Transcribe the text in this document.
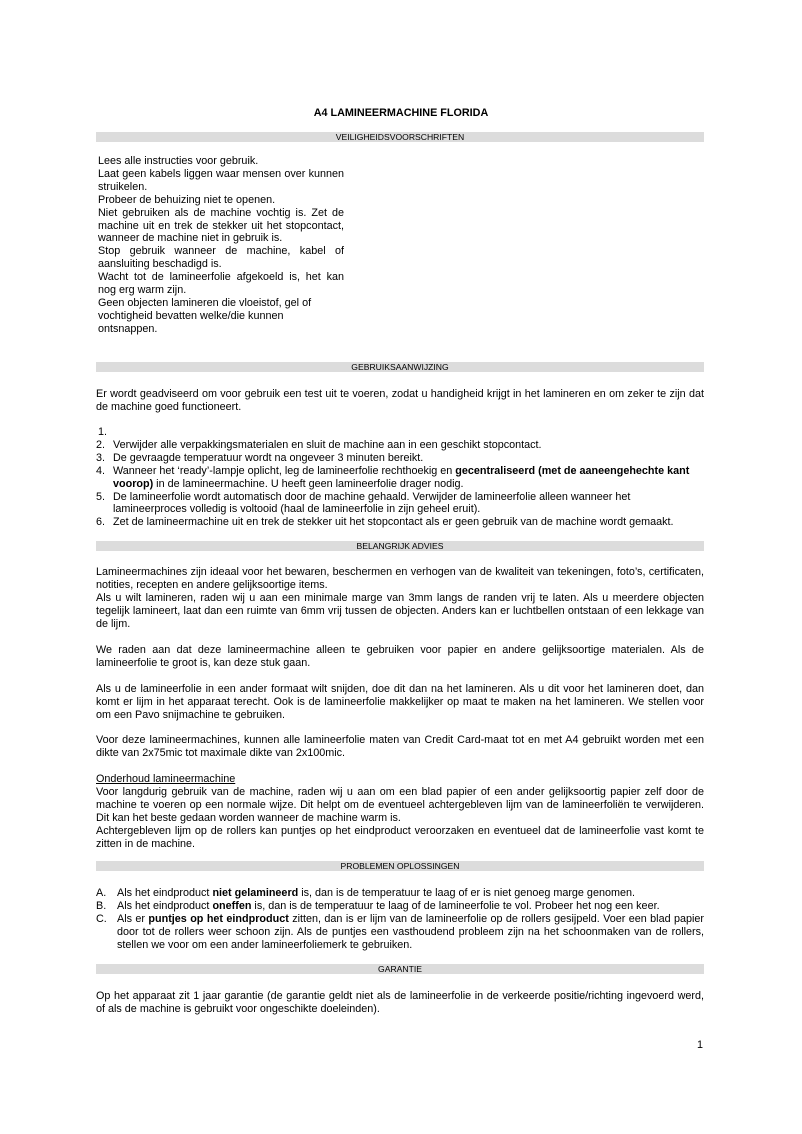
A4 LAMINEERMACHINE FLORIDA
VEILIGHEIDSVOORSCHRIFTEN

Lees alle instructies voor gebruik.

Laat geen kabels liggen waar mensen over kunnen struikelen.

Probeer de behuizing niet te openen.

Niet gebruiken als de machine vochtig is. Zet de machine uit en trek de stekker uit het stopcontact, wanneer de machine niet in gebruik is.

Stop gebruik wanneer de machine, kabel of aansluiting beschadigd is.

Wacht tot de lamineerfolie afgekoeld is, het kan nog erg warm zijn.

Geen objecten lamineren die vloeistof, gel of vochtigheid bevatten welke/die kunnen ontsnappen.

GEBRUIKSAANWIJZING

Er wordt geadviseerd om voor gebruik een test uit te voeren, zodat u handigheid krijgt in het lamineren en om zeker te zijn dat de machine goed functioneert.

1.
2. Verwijder alle verpakkingsmaterialen en sluit de machine aan in een geschikt stopcontact.
3. De gevraagde temperatuur wordt na ongeveer 3 minuten bereikt.
4. Wanneer het ‘ready’-lampje oplicht, leg de lamineerfolie rechthoekig en gecentraliseerd (met de aaneengehechte kant voorop) in de lamineermachine. U heeft geen lamineerfolie drager nodig.
5. De lamineerfolie wordt automatisch door de machine gehaald. Verwijder de lamineerfolie alleen wanneer het lamineerproces volledig is voltooid (haal de lamineerfolie in zijn geheel eruit).
6. Zet de lamineermachine uit en trek de stekker uit het stopcontact als er geen gebruik van de machine wordt gemaakt.
BELANGRIJK ADVIES

Lamineermachines zijn ideaal voor het bewaren, beschermen en verhogen van de kwaliteit van tekeningen, foto’s, certificaten, notities, recepten en andere gelijksoortige items.

Als u wilt lamineren, raden wij u aan een minimale marge van 3mm langs de randen vrij te laten. Als u meerdere objecten tegelijk lamineert, laat dan een ruimte van 6mm vrij tussen de objecten. Anders kan er luchtbellen ontstaan of een lekkage van de lijm.

We raden aan dat deze lamineermachine alleen te gebruiken voor papier en andere gelijksoortige materialen. Als de lamineerfolie te groot is, kan deze stuk gaan.

Als u de lamineerfolie in een ander formaat wilt snijden, doe dit dan na het lamineren. Als u dit voor het lamineren doet, dan komt er lijm in het apparaat terecht. Ook is de lamineerfolie makkelijker op maat te maken na het lamineren. We stellen voor om een Pavo snijmachine te gebruiken.

Voor deze lamineermachines, kunnen alle lamineerfolie maten van Credit Card-maat tot en met A4 gebruikt worden met een dikte van 2x75mic tot maximale dikte van 2x100mic.

Onderhoud lamineermachine

Voor langdurig gebruik van de machine, raden wij u aan om een blad papier of een ander gelijksoortig papier zelf door de machine te voeren op een normale wijze. Dit helpt om de eventueel achtergebleven lijm van de lamineerfoliën te verwijderen. Dit kan het beste gedaan worden wanneer de machine warm is.

Achtergebleven lijm op de rollers kan puntjes op het eindproduct veroorzaken en eventueel dat de lamineerfolie vast komt te zitten in de machine.

PROBLEMEN OPLOSSINGEN
A. Als het eindproduct niet gelamineerd is, dan is de temperatuur te laag of er is niet genoeg marge genomen.
B. Als het eindproduct oneffen is, dan is de temperatuur te laag of de lamineerfolie te vol. Probeer het nog een keer.
C. Als er puntjes op het eindproduct zitten, dan is er lijm van de lamineerfolie op de rollers gesijpeld. Voer een blad papier door tot de rollers weer schoon zijn. Als de puntjes een vasthoudend probleem zijn na het schoonmaken van de rollers, stellen we voor om een ander lamineerfoliemerk te gebruiken.
GARANTIE

Op het apparaat zit 1 jaar garantie (de garantie geldt niet als de lamineerfolie in de verkeerde positie/richting ingevoerd werd, of als de machine is gebruikt voor ongeschikte doeleinden).

1
